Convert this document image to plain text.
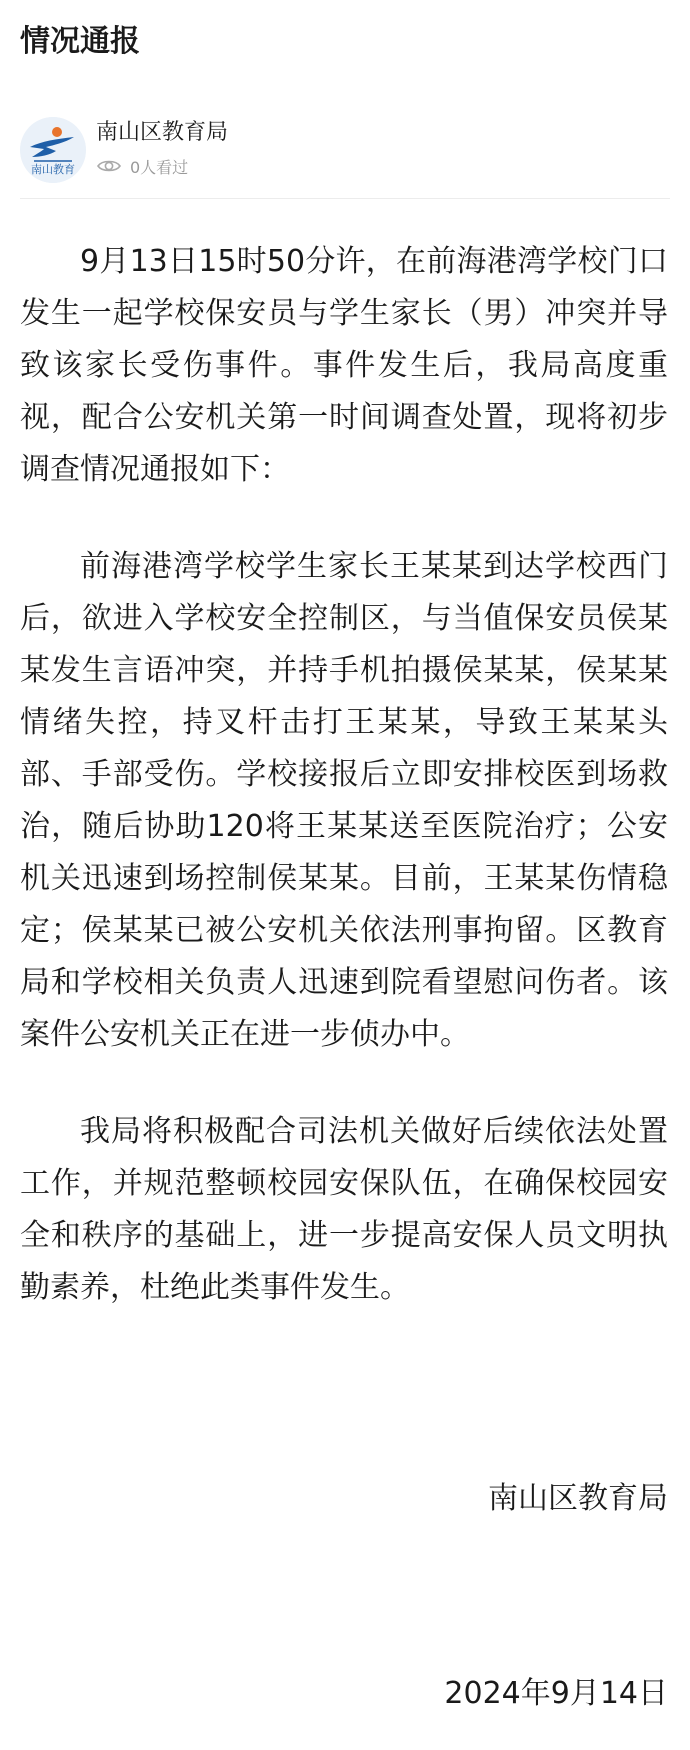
情况通报
南山教育
南山区教育局
0人看过

9月13日15时50分许，在前海港湾学校门口发生一起学校保安员与学生家长（男）冲突并导致该家长受伤事件。事件发生后，我局高度重视，配合公安机关第一时间调查处置，现将初步调查情况通报如下：

前海港湾学校学生家长王某某到达学校西门后，欲进入学校安全控制区，与当值保安员侯某某发生言语冲突，并持手机拍摄侯某某，侯某某情绪失控，持叉杆击打王某某，导致王某某头部、手部受伤。学校接报后立即安排校医到场救治，随后协助120将王某某送至医院治疗；公安机关迅速到场控制侯某某。目前，王某某伤情稳定；侯某某已被公安机关依法刑事拘留。区教育局和学校相关负责人迅速到院看望慰问伤者。该案件公安机关正在进一步侦办中。

我局将积极配合司法机关做好后续依法处置工作，并规范整顿校园安保队伍，在确保校园安全和秩序的基础上，进一步提高安保人员文明执勤素养，杜绝此类事件发生。

南山区教育局

2024年9月14日
